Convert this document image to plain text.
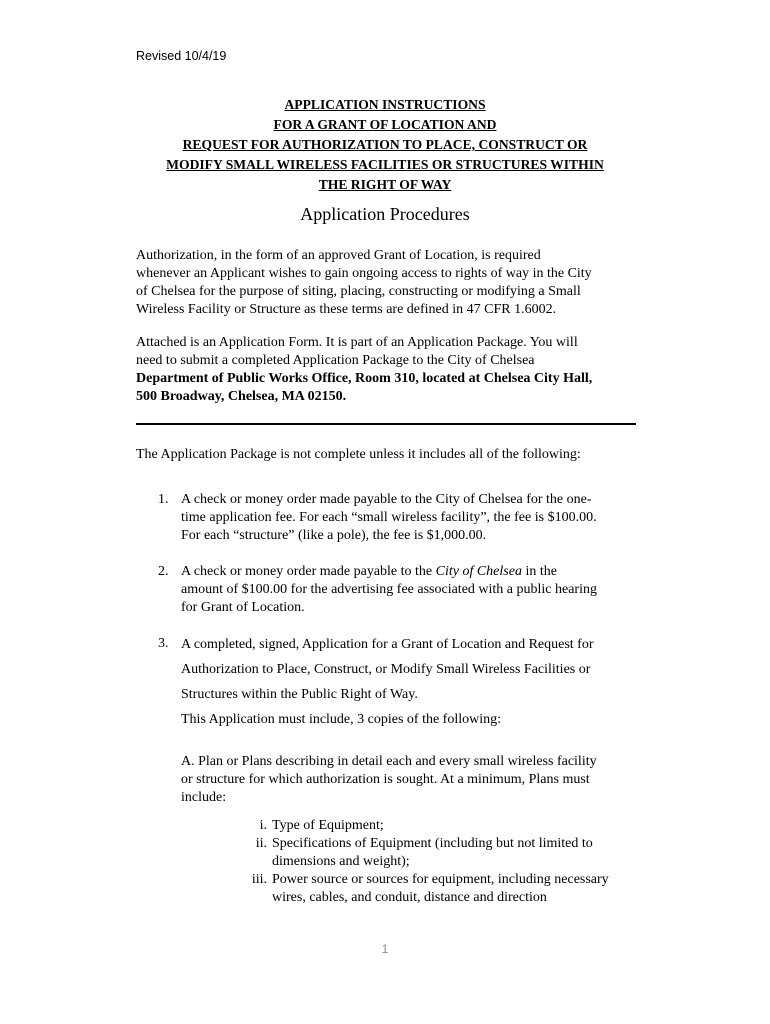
Revised 10/4/19
APPLICATION INSTRUCTIONS
FOR A GRANT OF LOCATION AND
REQUEST FOR AUTHORIZATION TO PLACE, CONSTRUCT OR
MODIFY SMALL WIRELESS FACILITIES OR STRUCTURES WITHIN
THE RIGHT OF WAY
Application Procedures
Authorization, in the form of an approved Grant of Location, is required
whenever an Applicant wishes to gain ongoing access to rights of way in the City
of Chelsea for the purpose of siting, placing, constructing or modifying a Small
Wireless Facility or Structure as these terms are defined in 47 CFR 1.6002.
Attached is an Application Form. It is part of an Application Package. You will
need to submit a completed Application Package to the City of Chelsea
Department of Public Works Office, Room 310, located at Chelsea City Hall,
500 Broadway, Chelsea, MA 02150.
The Application Package is not complete unless it includes all of the following:
1. A check or money order made payable to the City of Chelsea for the one-
time application fee. For each “small wireless facility”, the fee is $100.00.
For each “structure” (like a pole), the fee is $1,000.00.
2. A check or money order made payable to the City of Chelsea in the
amount of $100.00 for the advertising fee associated with a public hearing
for Grant of Location.
3. A completed, signed, Application for a Grant of Location and Request for
Authorization to Place, Construct, or Modify Small Wireless Facilities or
Structures within the Public Right of Way.
This Application must include, 3 copies of the following:
A. Plan or Plans describing in detail each and every small wireless facility
or structure for which authorization is sought. At a minimum, Plans must
include:
i. Type of Equipment;
ii. Specifications of Equipment (including but not limited to
dimensions and weight);
iii. Power source or sources for equipment, including necessary
wires, cables, and conduit, distance and direction
1
